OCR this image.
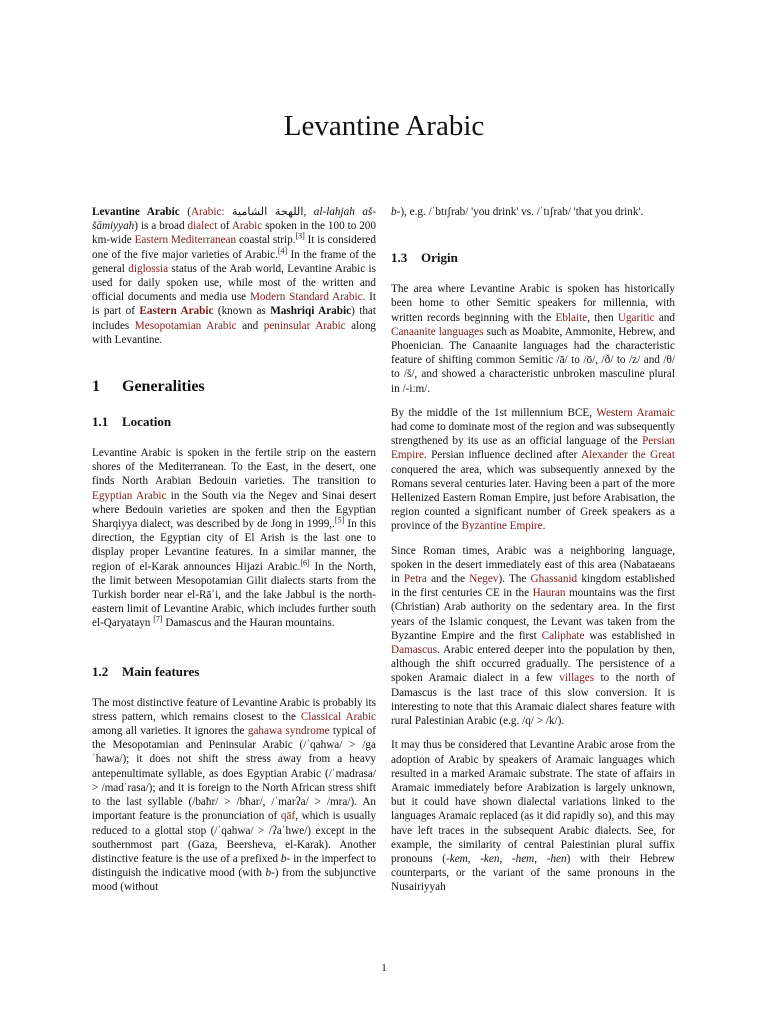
Levantine Arabic

Levantine Arabic (Arabic: اللهجة الشامية, al-lahjah aš-šāmiyyah) is a broad dialect of Arabic spoken in the 100 to 200 km-wide Eastern Mediterranean coastal strip.[3] It is considered one of the five major varieties of Arabic.[4] In the frame of the general diglossia status of the Arab world, Levantine Arabic is used for daily spoken use, while most of the written and official documents and media use Modern Standard Arabic. It is part of Eastern Arabic (known as Mashriqi Arabic) that includes Mesopotamian Arabic and peninsular Arabic along with Levantine.

1 Generalities
1.1 Location

Levantine Arabic is spoken in the fertile strip on the eastern shores of the Mediterranean. To the East, in the desert, one finds North Arabian Bedouin varieties. The transition to Egyptian Arabic in the South via the Negev and Sinai desert where Bedouin varieties are spoken and then the Egyptian Sharqiyya dialect, was described by de Jong in 1999,.[5] In this direction, the Egyptian city of El Arish is the last one to display proper Levantine features. In a similar manner, the region of el-Karak announces Hijazi Arabic.[6] In the North, the limit between Mesopotamian Gilit dialects starts from the Turkish border near el-Rāʿi, and the lake Jabbul is the north-eastern limit of Levantine Arabic, which includes further south el-Qaryatayn [7] Damascus and the Hauran mountains.

1.2 Main features

The most distinctive feature of Levantine Arabic is probably its stress pattern, which remains closest to the Classical Arabic among all varieties. It ignores the gahawa syndrome typical of the Mesopotamian and Peninsular Arabic (/ˈqahwa/ > /gaˈhawa/); it does not shift the stress away from a heavy antepenultimate syllable, as does Egyptian Arabic (/ˈmadrasa/ > /madˈrasa/); and it is foreign to the North African stress shift to the last syllable (/baħr/ > /bħar/, /ˈmarʔa/ > /mra/). An important feature is the pronunciation of qāf, which is usually reduced to a glottal stop (/ˈqahwa/ > /ʔaˈhwe/) except in the southernmost part (Gaza, Beersheva, el-Karak). Another distinctive feature is the use of a prefixed b- in the imperfect to distinguish the indicative mood (with b-) from the subjunctive mood (without

b-), e.g. /ˈbtɪʃrab/ 'you drink' vs. /ˈtɪʃrab/ 'that you drink'.

1.3 Origin

The area where Levantine Arabic is spoken has historically been home to other Semitic speakers for millennia, with written records beginning with the Eblaite, then Ugaritic and Canaanite languages such as Moabite, Ammonite, Hebrew, and Phoenician. The Canaanite languages had the characteristic feature of shifting common Semitic /ā/ to /ō/, /ð/ to /z/ and /θ/ to /š/, and showed a characteristic unbroken masculine plural in /-iːm/.

By the middle of the 1st millennium BCE, Western Aramaic had come to dominate most of the region and was subsequently strengthened by its use as an official language of the Persian Empire. Persian influence declined after Alexander the Great conquered the area, which was subsequently annexed by the Romans several centuries later. Having been a part of the more Hellenized Eastern Roman Empire, just before Arabisation, the region counted a significant number of Greek speakers as a province of the Byzantine Empire.

Since Roman times, Arabic was a neighboring language, spoken in the desert immediately east of this area (Nabataeans in Petra and the Negev). The Ghassanid kingdom established in the first centuries CE in the Hauran mountains was the first (Christian) Arab authority on the sedentary area. In the first years of the Islamic conquest, the Levant was taken from the Byzantine Empire and the first Caliphate was established in Damascus. Arabic entered deeper into the population by then, although the shift occurred gradually. The persistence of a spoken Aramaic dialect in a few villages to the north of Damascus is the last trace of this slow conversion. It is interesting to note that this Aramaic dialect shares feature with rural Palestinian Arabic (e.g. /q/ > /k/).

It may thus be considered that Levantine Arabic arose from the adoption of Arabic by speakers of Aramaic languages which resulted in a marked Aramaic substrate. The state of affairs in Aramaic immediately before Arabization is largely unknown, but it could have shown dialectal variations linked to the languages Aramaic replaced (as it did rapidly so), and this may have left traces in the subsequent Arabic dialects. See, for example, the similarity of central Palestinian plural suffix pronouns (-kem, -ken, -hem, -hen) with their Hebrew counterparts, or the variant of the same pronouns in the Nusairiyyah

1
